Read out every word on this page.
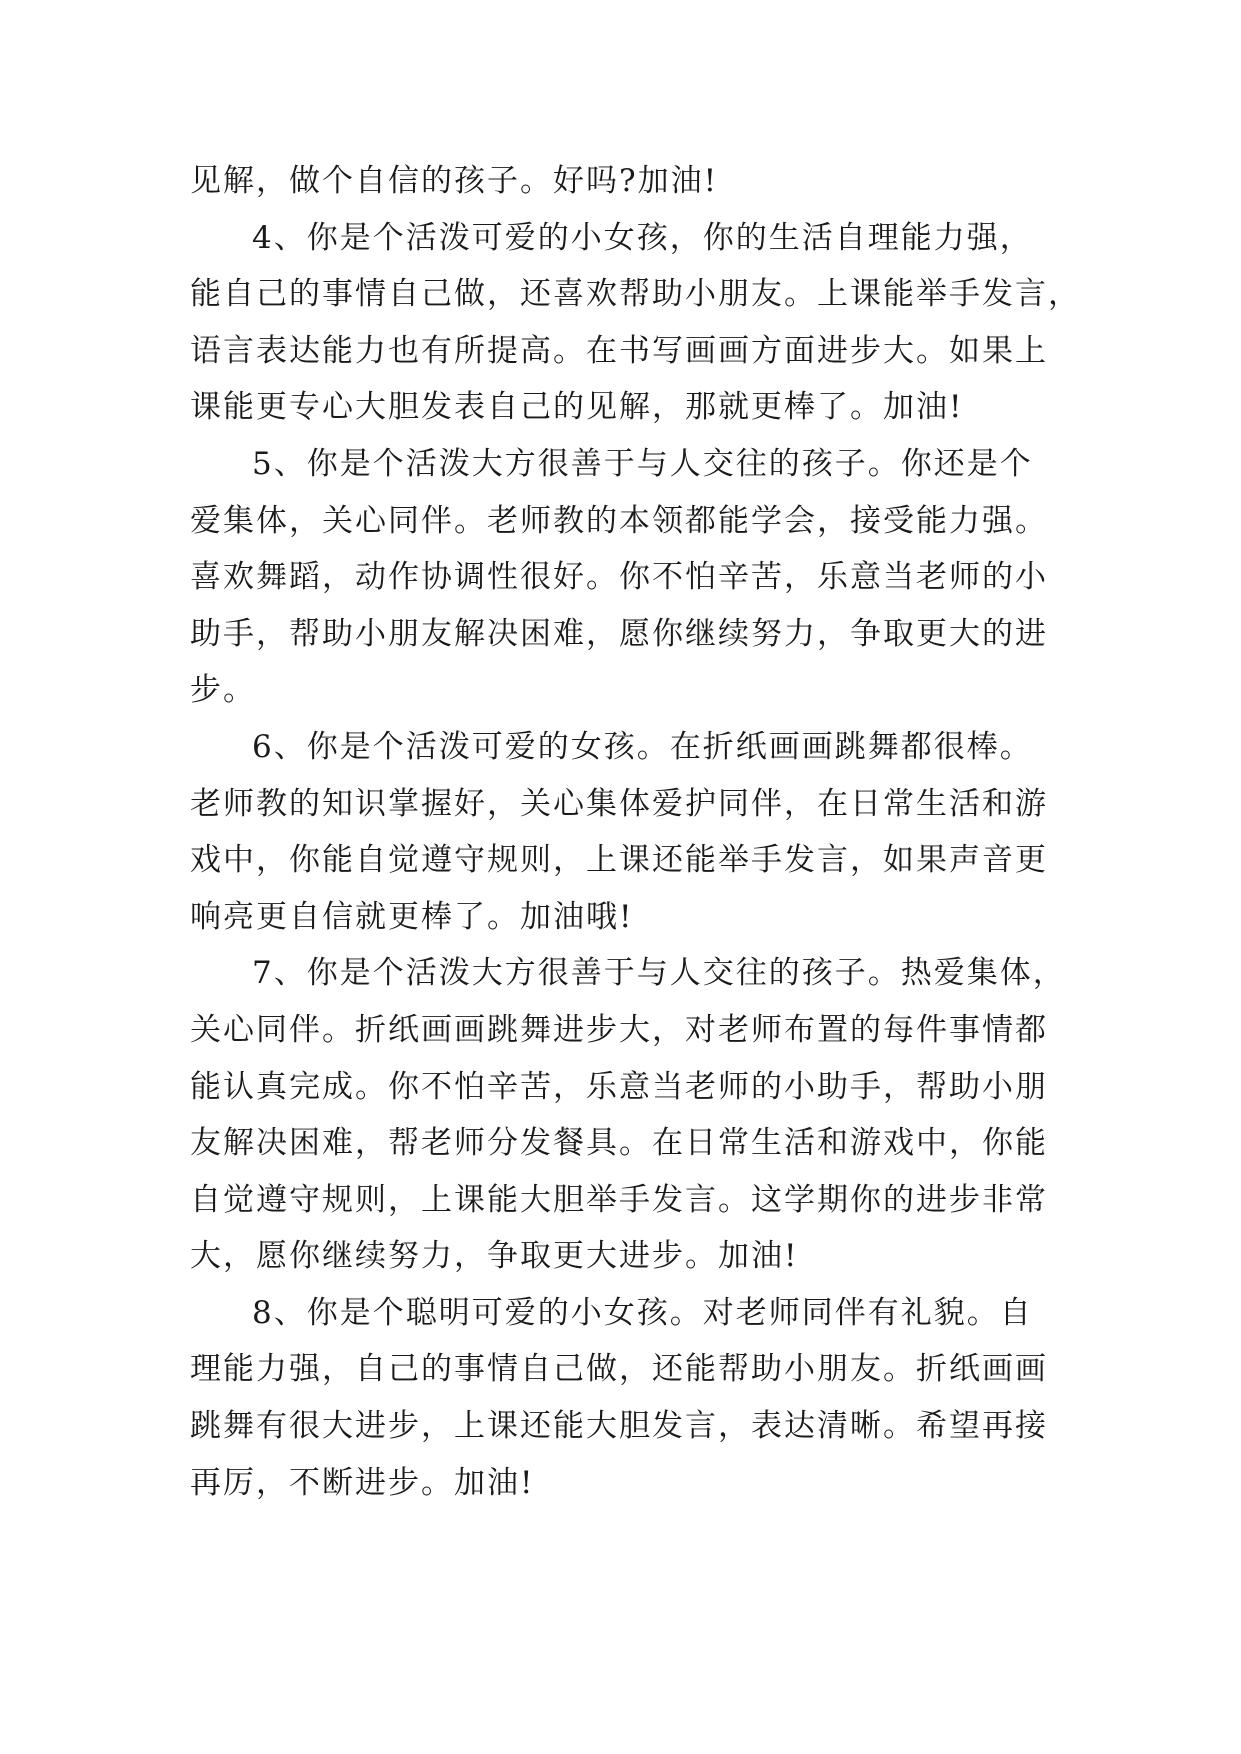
见解，做个自信的孩子。好吗?加油!
4、你是个活泼可爱的小女孩，你的生活自理能力强，
能自己的事情自己做，还喜欢帮助小朋友。上课能举手发言，
语言表达能力也有所提高。在书写画画方面进步大。如果上
课能更专心大胆发表自己的见解，那就更棒了。加油!
5、你是个活泼大方很善于与人交往的孩子。你还是个
爱集体，关心同伴。老师教的本领都能学会，接受能力强。
喜欢舞蹈，动作协调性很好。你不怕辛苦，乐意当老师的小
助手，帮助小朋友解决困难，愿你继续努力，争取更大的进
步。
6、你是个活泼可爱的女孩。在折纸画画跳舞都很棒。
老师教的知识掌握好，关心集体爱护同伴，在日常生活和游
戏中，你能自觉遵守规则，上课还能举手发言，如果声音更
响亮更自信就更棒了。加油哦!
7、你是个活泼大方很善于与人交往的孩子。热爱集体，
关心同伴。折纸画画跳舞进步大，对老师布置的每件事情都
能认真完成。你不怕辛苦，乐意当老师的小助手，帮助小朋
友解决困难，帮老师分发餐具。在日常生活和游戏中，你能
自觉遵守规则，上课能大胆举手发言。这学期你的进步非常
大，愿你继续努力，争取更大进步。加油!
8、你是个聪明可爱的小女孩。对老师同伴有礼貌。自
理能力强，自己的事情自己做，还能帮助小朋友。折纸画画
跳舞有很大进步，上课还能大胆发言，表达清晰。希望再接
再厉，不断进步。加油!
